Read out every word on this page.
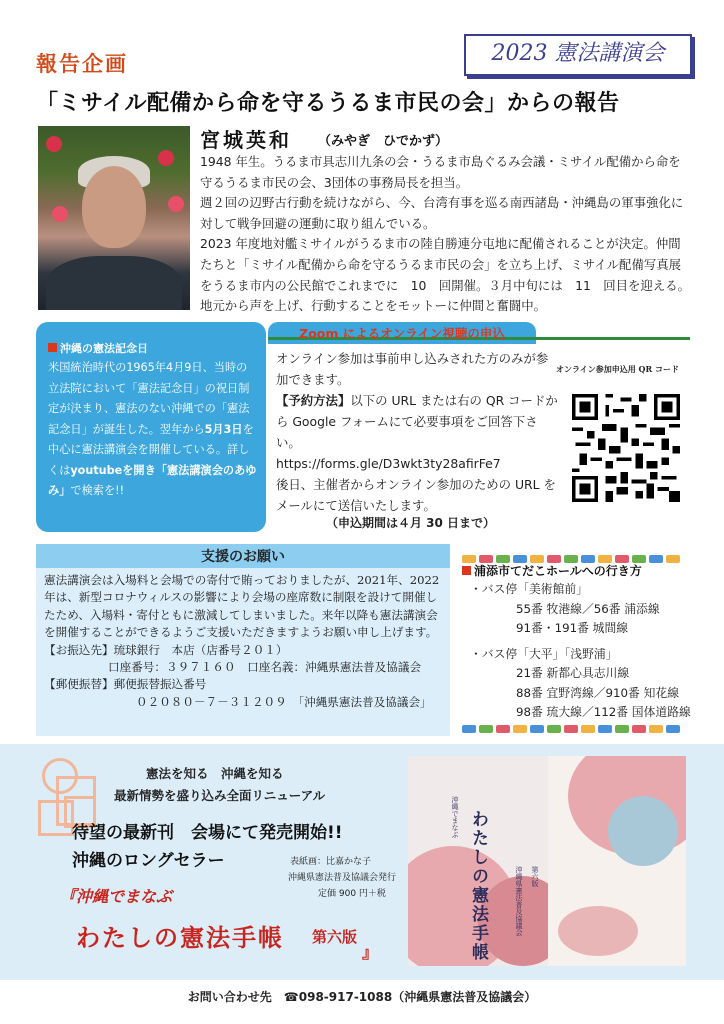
2023 憲法講演会
報告企画
「ミサイル配備から命を守るうるま市民の会」からの報告
宮城英和 （みやぎ　ひでかず）

1948 年生。うるま市具志川九条の会・うるま市島ぐるみ会議・ミサイル配備から命を守るうるま市民の会、3団体の事務局長を担当。

週２回の辺野古行動を続けながら、今、台湾有事を巡る南西諸島・沖縄島の軍事強化に対して戦争回避の運動に取り組んでいる。

2023 年度地対艦ミサイルがうるま市の陸自勝連分屯地に配備されることが決定。仲間たちと「ミサイル配備から命を守るうるま市民の会」を立ち上げ、ミサイル配備写真展をうるま市内の公民館でこれまでに　10　回開催。３月中旬には　11　回目を迎える。地元から声を上げ、行動することをモットーに仲間と奮闘中。

沖縄の憲法記念日
米国統治時代の1965年4月9日、当時の立法院において「憲法記念日」の祝日制定が決まり、憲法のない沖縄での「憲法記念日」が誕生した。翌年から5月3日を中心に憲法講演会を開催している。詳しくはyoutubeを開き「憲法講演会のあゆみ」で検索を!!
Zoom によるオンライン視聴の申込

オンライン参加は事前申し込みされた方のみが参加できます。

【予約方法】以下の URL または右の QR コードから Google フォームにて必要事項をご回答下さい。

https://forms.gle/D3wkt3ty28afirFe7

後日、主催者からオンライン参加のための URL をメールにて送信いたします。

（申込期間は４月 30 日まで）
オンライン参加申込用 QR コード
支援のお願い

憲法講演会は入場料と会場での寄付で賄っておりましたが、2021年、2022年は、新型コロナウィルスの影響により会場の座席数に制限を設けて開催したため、入場料・寄付ともに激減してしまいました。来年以降も憲法講演会を開催することができるようご支援いただきますようお願い申し上げます。

【お振込先】琉球銀行　本店（店番号２０１）

口座番号：３９７１６０　口座名義：沖縄県憲法普及協議会

【郵便振替】郵便振替振込番号

０２０８０－７－３１２０９　「沖縄県憲法普及協議会」

浦添市てだこホールへの行き方

・バス停「美術館前」

55番 牧港線／56番 浦添線

91番・191番 城間線

・バス停「大平」「浅野浦」

21番 新都心具志川線

88番 宜野湾線／910番 知花線

98番 琉大線／112番 国体道路線

憲法を知る　沖縄を知る
最新情勢を盛り込み全面リニューアル
待望の最新刊　会場にて発売開始!!
沖縄のロングセラー	表紙画：比嘉かな子
沖縄県憲法普及協議会発行
定価 900 円＋税
『沖縄でまなぶ
わたしの憲法手帳 第六版
』
沖縄でまなぶ わたしの憲法手帳	沖縄県憲法普及協議会 第六版
お問い合わせ先　☎098-917-1088（沖縄県憲法普及協議会）
